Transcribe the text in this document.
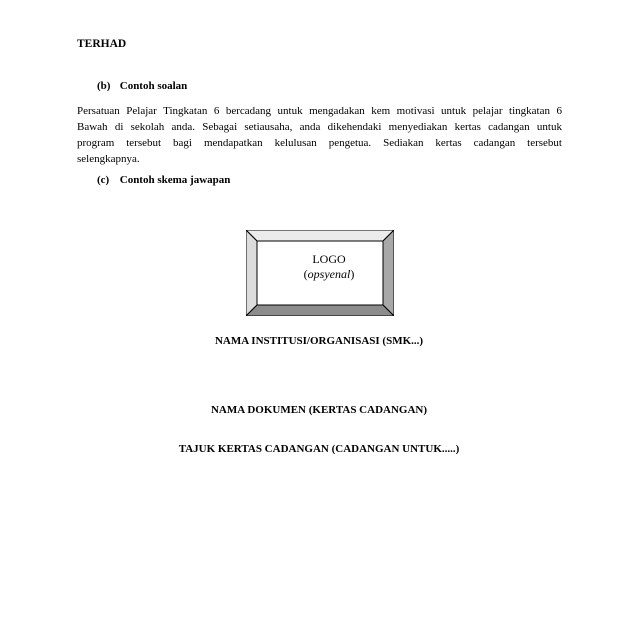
TERHAD
(b) Contoh soalan
Persatuan Pelajar Tingkatan 6 bercadang untuk mengadakan kem motivasi untuk pelajar tingkatan 6
Bawah di sekolah anda. Sebagai setiausaha, anda dikehendaki menyediakan kertas cadangan untuk
program tersebut bagi mendapatkan kelulusan pengetua. Sediakan kertas cadangan tersebut
selengkapnya.
(c) Contoh skema jawapan
LOGO
(opsyenal)
NAMA INSTITUSI/ORGANISASI (SMK...)
NAMA DOKUMEN (KERTAS CADANGAN)
TAJUK KERTAS CADANGAN (CADANGAN UNTUK.....)
